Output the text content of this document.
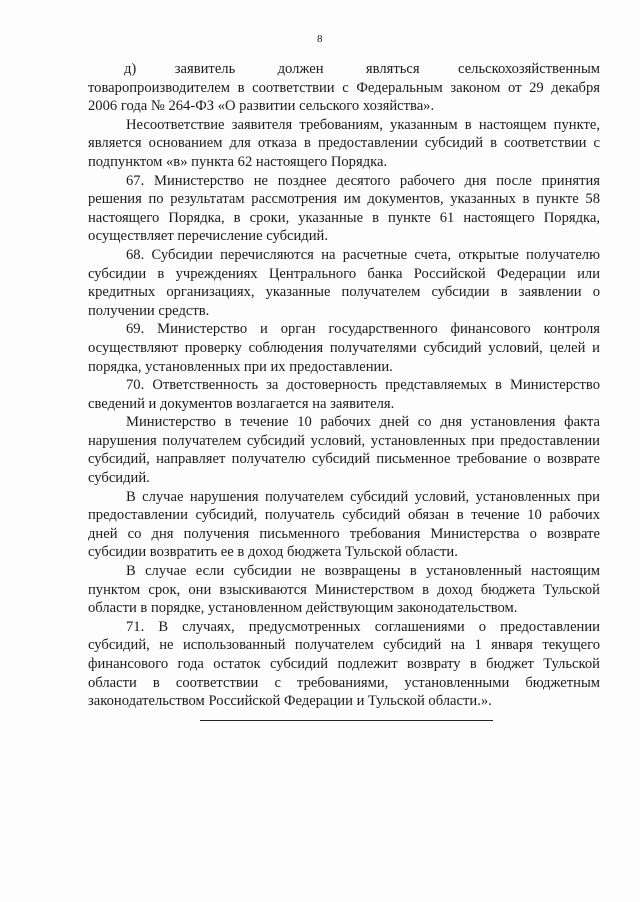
8

д)          заявитель           должен           являться          сельскохозяйственным товаропроизводителем в соответствии с Федеральным законом от 29 декабря 2006 года № 264-ФЗ «О развитии сельского хозяйства».

Несоответствие заявителя требованиям, указанным в настоящем пункте, является основанием для отказа в предоставлении субсидий в соответствии с подпунктом «в» пункта 62 настоящего Порядка.

67. Министерство не позднее десятого рабочего дня после принятия решения по результатам рассмотрения им документов, указанных в пункте 58 настоящего Порядка, в сроки, указанные в пункте 61 настоящего Порядка, осуществляет перечисление субсидий.

68. Субсидии перечисляются на расчетные счета, открытые получателю субсидии в учреждениях Центрального банка Российской Федерации или кредитных организациях, указанные получателем субсидии в заявлении о получении средств.

69. Министерство и орган государственного финансового контроля осуществляют проверку соблюдения получателями субсидий условий, целей и порядка, установленных при их предоставлении.

70. Ответственность за достоверность представляемых в Министерство сведений и документов возлагается на заявителя.

Министерство в течение 10 рабочих дней со дня установления факта нарушения получателем субсидий условий, установленных при предоставлении субсидий, направляет получателю субсидий письменное требование о возврате субсидий.

В случае нарушения получателем субсидий условий, установленных при предоставлении субсидий, получатель субсидий обязан в течение 10 рабочих дней со дня получения письменного требования Министерства о возврате субсидии возвратить ее в доход бюджета Тульской области.

В случае если субсидии не возвращены в установленный настоящим пунктом срок, они взыскиваются Министерством в доход бюджета Тульской области в порядке, установленном действующим законодательством.

71. В случаях, предусмотренных соглашениями о предоставлении субсидий, не использованный получателем субсидий на 1 января текущего финансового года остаток субсидий подлежит возврату в бюджет Тульской области в соответствии с требованиями, установленными бюджетным законодательством Российской Федерации и Тульской области.».
